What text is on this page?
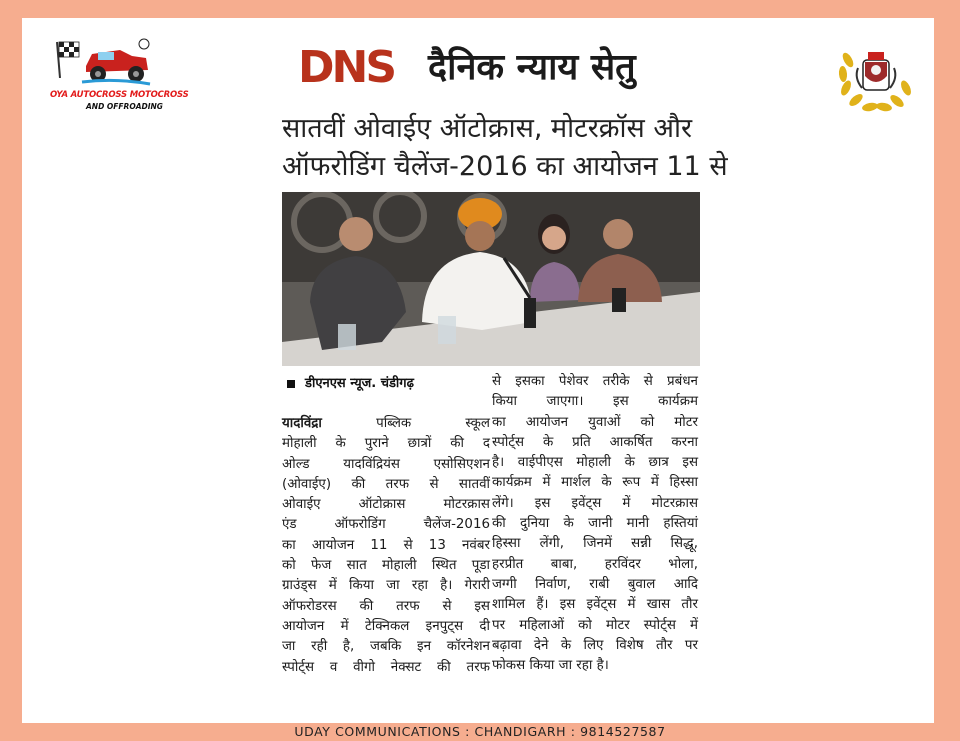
OYA AUTOCROSS MOTOCROSS
AND OFFROADING
DNS दैनिक न्याय सेतु
सातवीं ओवाईए ऑटोक्रास, मोटरक्रॉस और
ऑफरोडिंग चैलेंज-2016 का आयोजन 11 से
डीएनएस न्यूज. चंडीगढ़
यादविंद्रा	पब्लिक स्कूल
मोहाली के पुराने छात्रों की द
ओल्ड यादविंद्रियंस एसोसिएशन
(ओवाईए) की तरफ से सातवीं
ओवाईए ऑटोक्रास मोटरक्रास
एंड ऑफरोडिंग चैलेंज-2016
का आयोजन 11 से 13 नवंबर
को फेज सात मोहाली स्थित पूडा
ग्राउंड्स में किया जा रहा है। गेरारी
ऑफरोडरस की तरफ से इस
आयोजन में टेक्निकल इनपुट्स दी
जा रही है, जबकि इन कॉरनेशन
स्पोर्ट्स व वीगो नेक्सट की तरफ
से इसका पेशेवर तरीके से प्रबंधन
किया जाएगा। इस कार्यक्रम
का आयोजन युवाओं को मोटर
स्पोर्ट्स के प्रति आकर्षित करना
है। वाईपीएस मोहाली के छात्र इस
कार्यक्रम में मार्शल के रूप में हिस्सा
लेंगे। इस इवेंट्स में मोटरक्रास
की दुनिया के जानी मानी हस्तियां
हिस्सा लेंगी, जिनमें सन्नी सिद्धू,
हरप्रीत बाबा, हरविंदर भोला,
जग्गी निर्वाण, राबी बुवाल आदि
शामिल हैं। इस इवेंट्स में खास तौर
पर महिलाओं को मोटर स्पोर्ट्स में
बढ़ावा देने के लिए विशेष तौर पर
फोकस किया जा रहा है।
UDAY COMMUNICATIONS : CHANDIGARH : 9814527587
